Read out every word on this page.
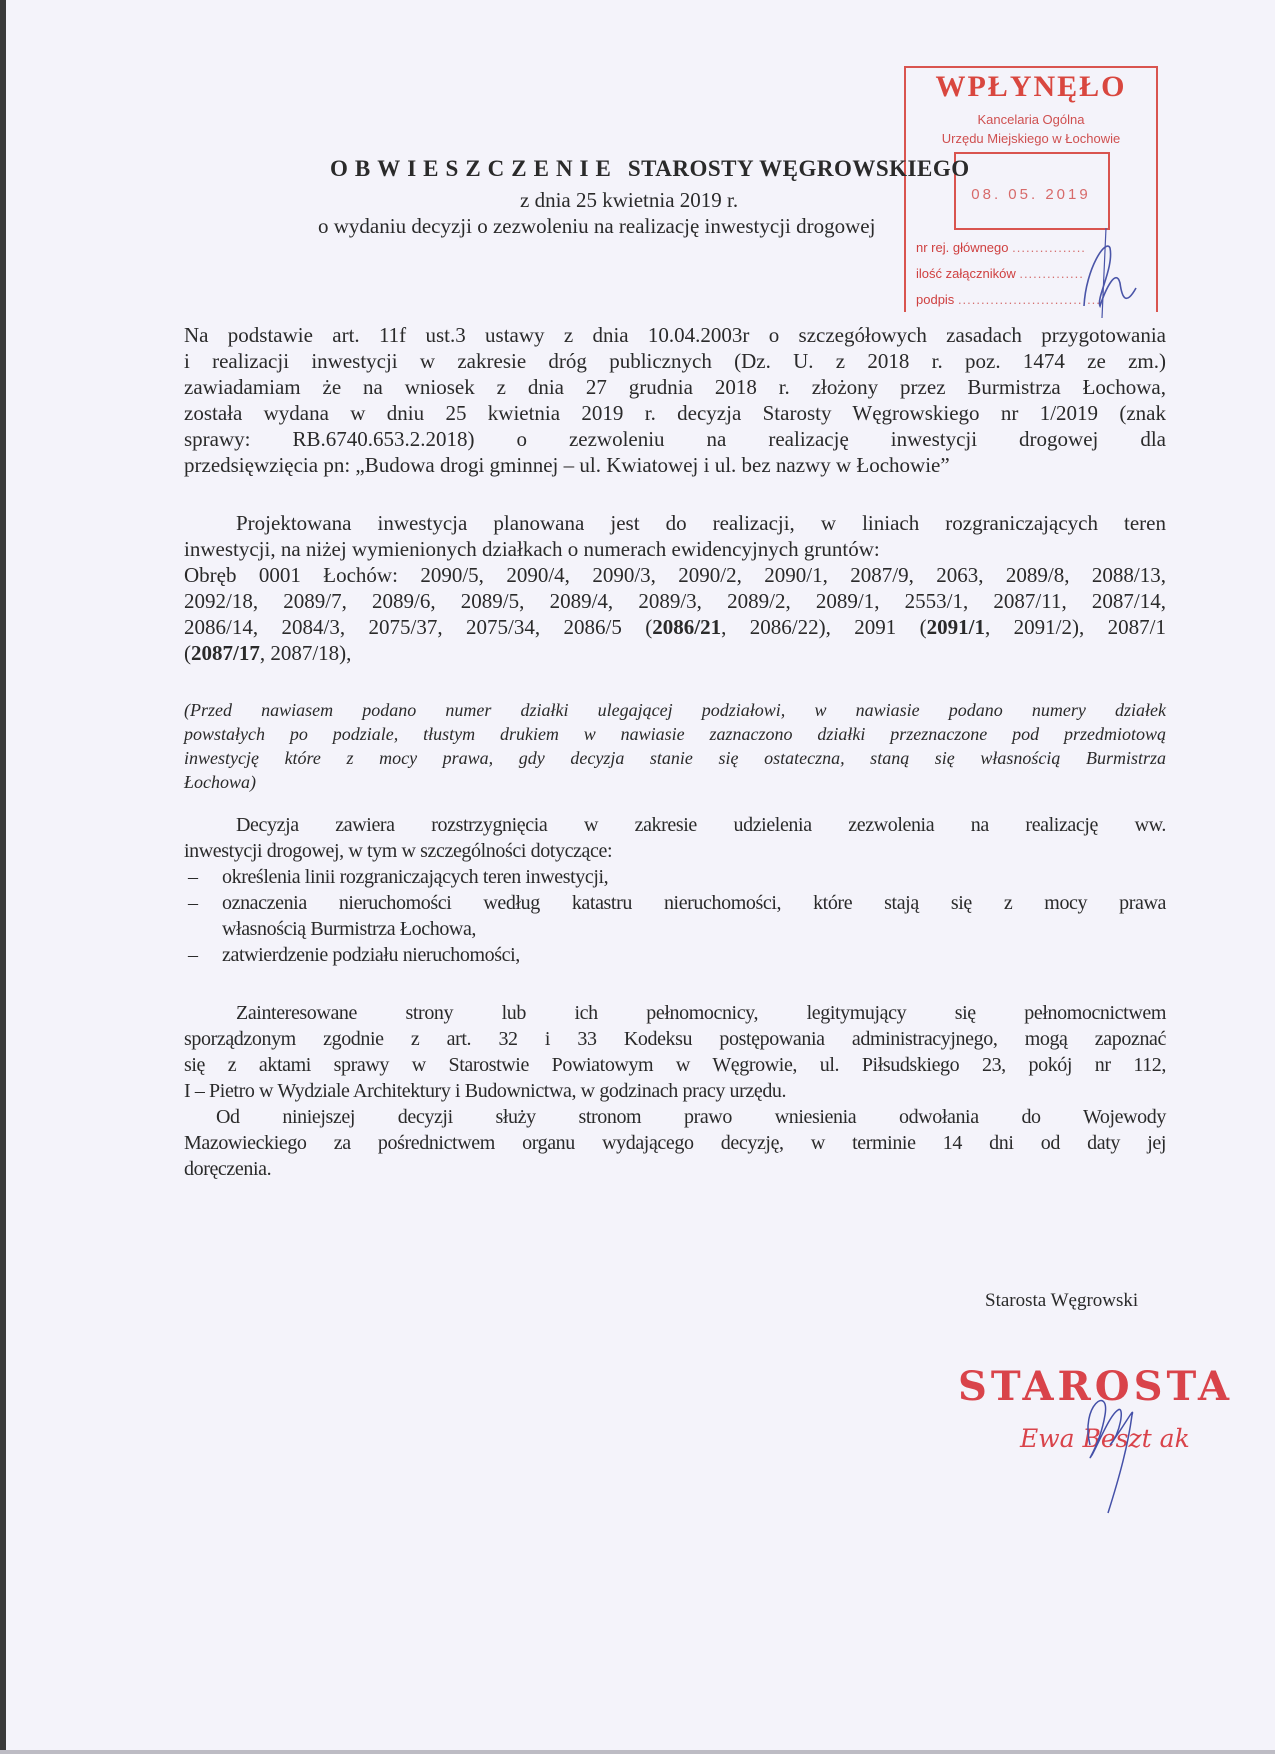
WPŁYNĘŁO
Kancelaria Ogólna
Urzędu Miejskiego w Łochowie
08. 05. 2019
nr rej. głównego ................
ilość załączników ..............
podpis ...............................
OBWIESZCZENIE STAROSTY WĘGROWSKIEGO
z dnia 25 kwietnia 2019 r.
o wydaniu decyzji o zezwoleniu na realizację inwestycji drogowej
Na podstawie art. 11f ust.3 ustawy z dnia 10.04.2003r o szczegółowych zasadach przygotowania
i realizacji inwestycji w zakresie dróg publicznych (Dz. U. z 2018 r. poz. 1474 ze zm.)
zawiadamiam że na wniosek z dnia 27 grudnia 2018 r. złożony przez Burmistrza Łochowa,
została wydana w dniu 25 kwietnia 2019 r. decyzja Starosty Węgrowskiego nr 1/2019 (znak
sprawy: RB.6740.653.2.2018) o zezwoleniu na realizację inwestycji drogowej dla
przedsięwzięcia pn: „Budowa drogi gminnej – ul. Kwiatowej i ul. bez nazwy w Łochowie”
Projektowana inwestycja planowana jest do realizacji, w liniach rozgraniczających teren
inwestycji, na niżej wymienionych działkach o numerach ewidencyjnych gruntów:
Obręb 0001 Łochów: 2090/5, 2090/4, 2090/3, 2090/2, 2090/1, 2087/9, 2063, 2089/8, 2088/13,
2092/18, 2089/7, 2089/6, 2089/5, 2089/4, 2089/3, 2089/2, 2089/1, 2553/1, 2087/11, 2087/14,
2086/14, 2084/3, 2075/37, 2075/34, 2086/5 (2086/21, 2086/22), 2091 (2091/1, 2091/2), 2087/1
(2087/17, 2087/18),
(Przed nawiasem podano numer działki ulegającej podziałowi, w nawiasie podano numery działek
powstałych po podziale, tłustym drukiem w nawiasie zaznaczono działki przeznaczone pod przedmiotową
inwestycję które z mocy prawa, gdy decyzja stanie się ostateczna, staną się własnością Burmistrza
Łochowa)
Decyzja zawiera rozstrzygnięcia w zakresie udzielenia zezwolenia na realizację ww.
inwestycji drogowej, w tym w szczególności dotyczące:
– określenia linii rozgraniczających teren inwestycji,
– oznaczenia nieruchomości według katastru nieruchomości, które stają się z mocy prawa
własnością Burmistrza Łochowa,
– zatwierdzenie podziału nieruchomości,
Zainteresowane strony lub ich pełnomocnicy, legitymujący się pełnomocnictwem
sporządzonym zgodnie z art. 32 i 33 Kodeksu postępowania administracyjnego, mogą zapoznać
się z aktami sprawy w Starostwie Powiatowym w Węgrowie, ul. Piłsudskiego 23, pokój nr 112,
I – Pietro w Wydziale Architektury i Budownictwa, w godzinach pracy urzędu.
Od niniejszej decyzji służy stronom prawo wniesienia odwołania do Wojewody
Mazowieckiego za pośrednictwem organu wydającego decyzję, w terminie 14 dni od daty jej
doręczenia.
Starosta Węgrowski
STAROSTA
Ewa Beszt ak
